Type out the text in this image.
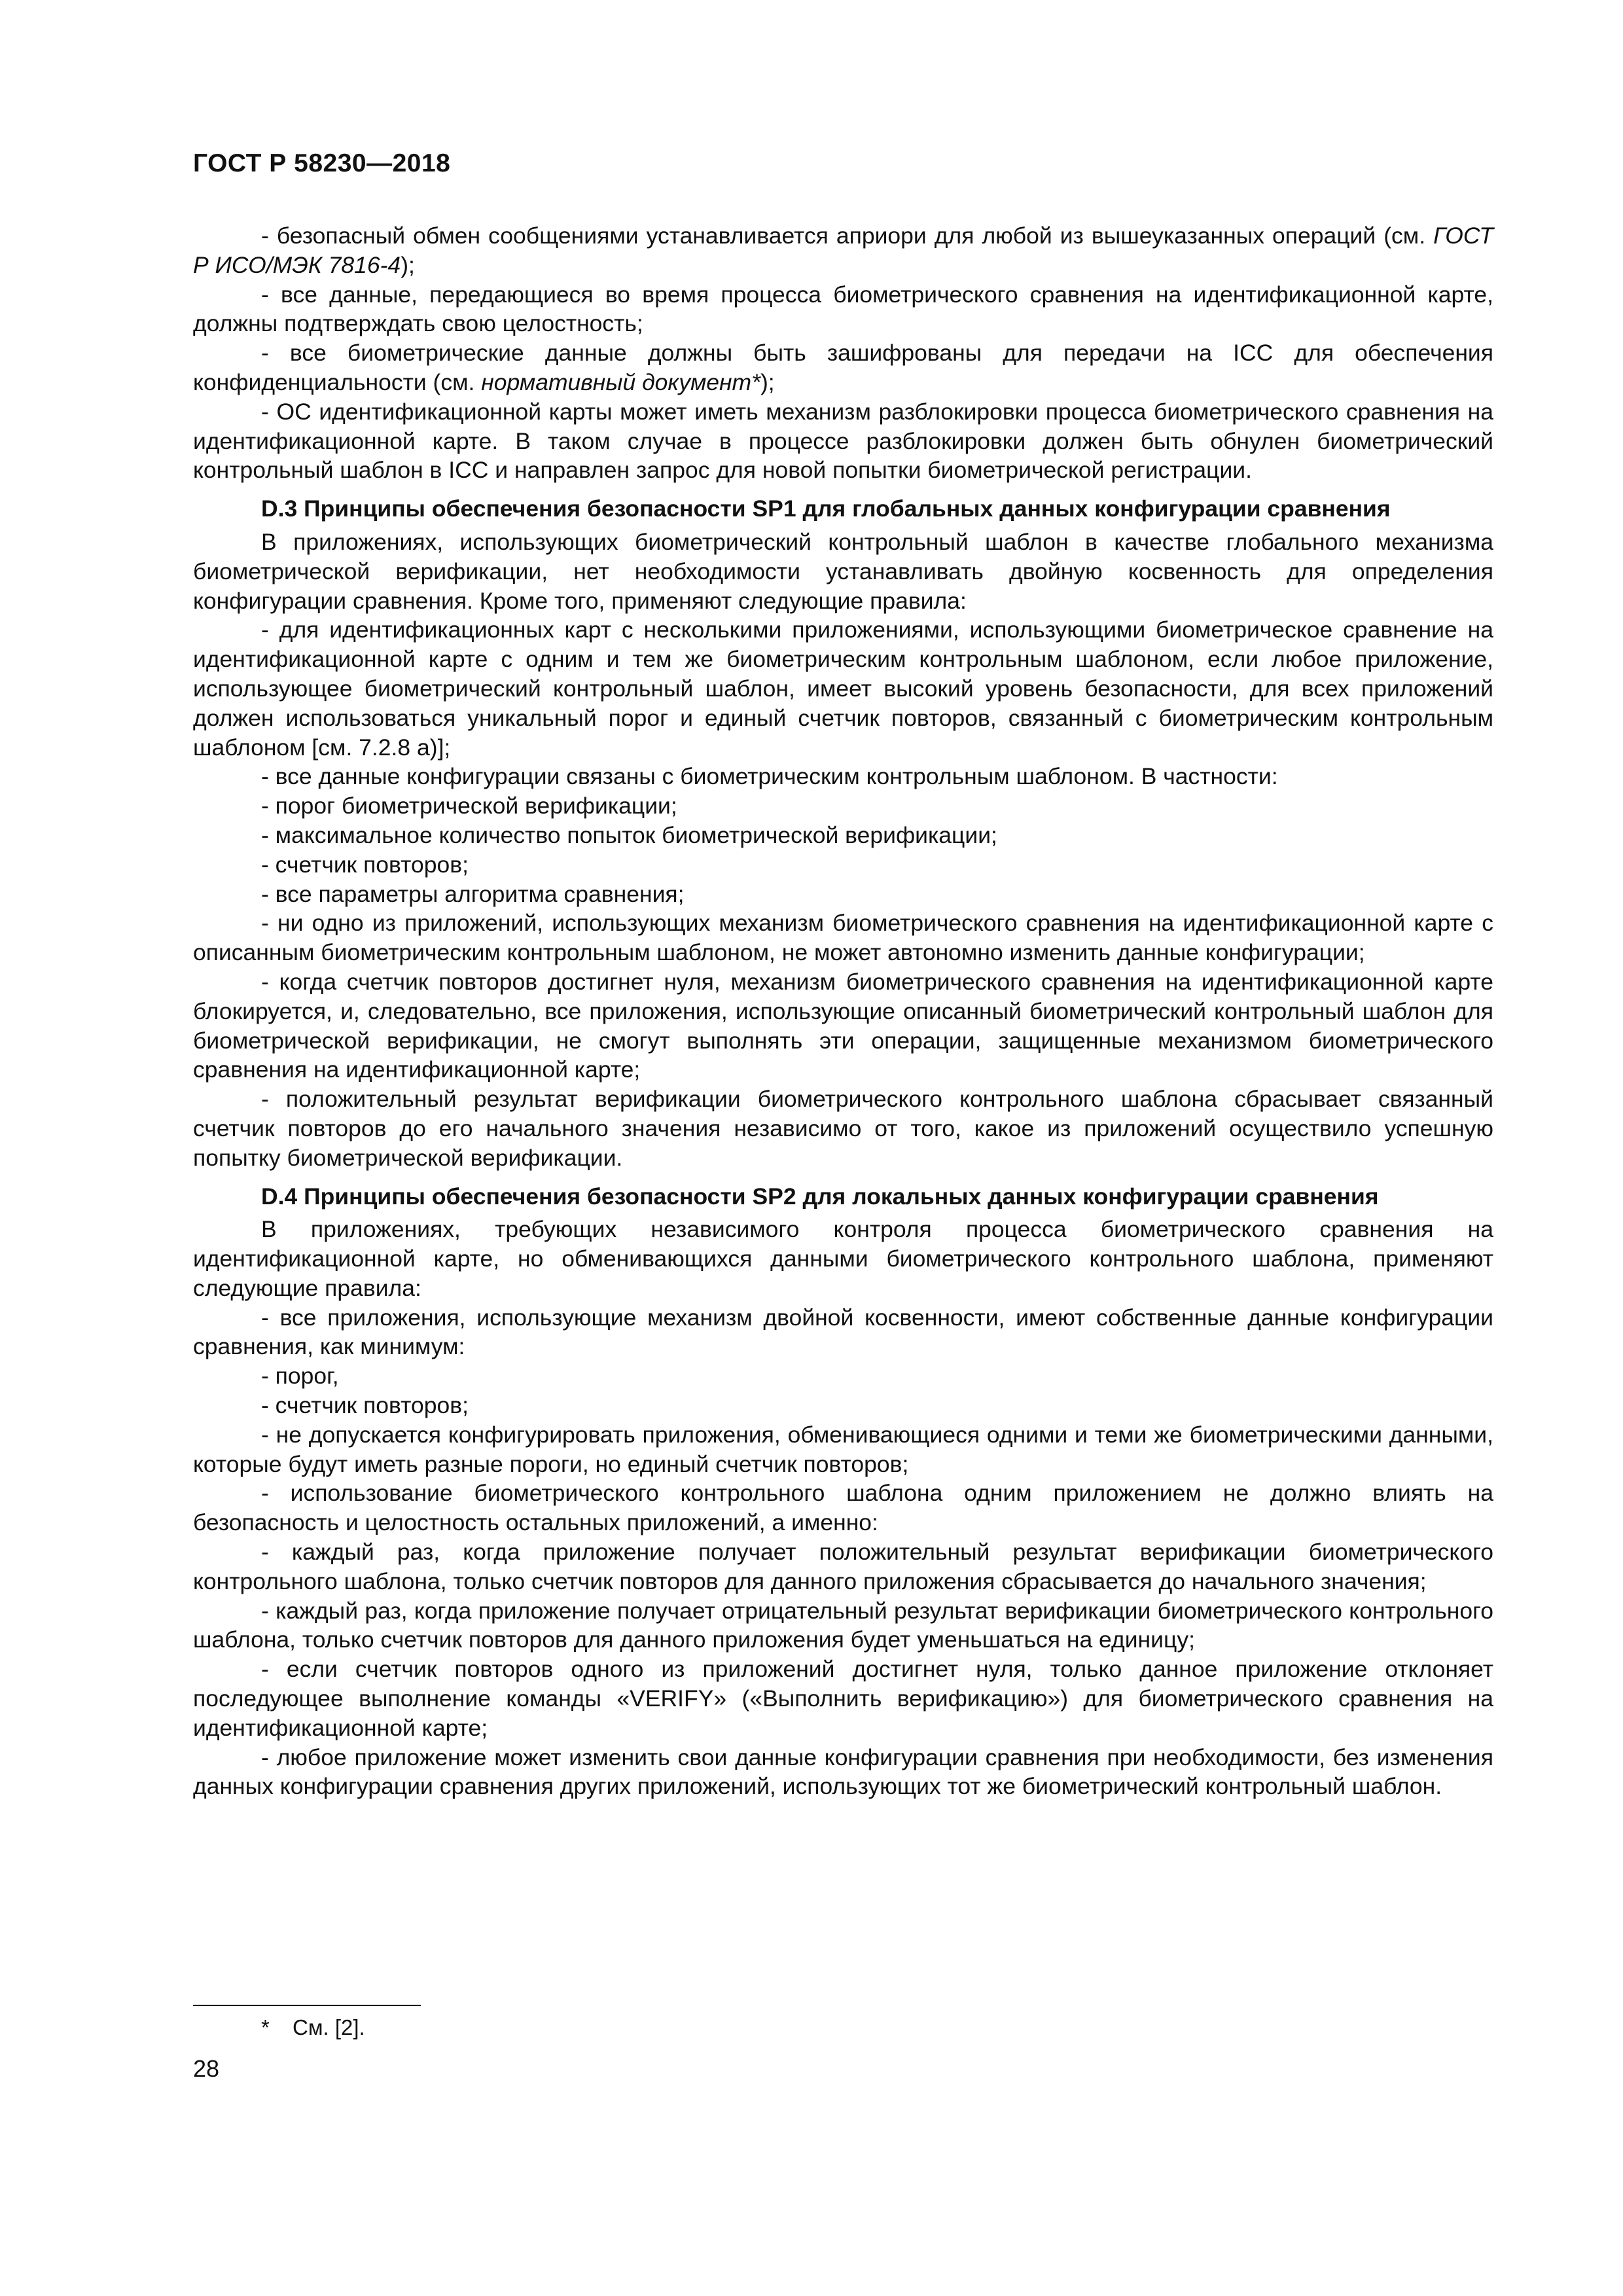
ГОСТ Р 58230—2018

- безопасный обмен сообщениями устанавливается априори для любой из вышеуказанных операций (см. ГОСТ Р ИСО/МЭК 7816-4);

- все данные, передающиеся во время процесса биометрического сравнения на идентификационной карте, должны подтверждать свою целостность;

- все биометрические данные должны быть зашифрованы для передачи на ICC для обеспечения конфиденциальности (см. нормативный документ*);

- ОС идентификационной карты может иметь механизм разблокировки процесса биометрического сравнения на идентификационной карте. В таком случае в процессе разблокировки должен быть обнулен биометрический контрольный шаблон в ICC и направлен запрос для новой попытки биометрической регистрации.

D.3 Принципы обеспечения безопасности SP1 для глобальных данных конфигурации сравнения

В приложениях, использующих биометрический контрольный шаблон в качестве глобального механизма биометрической верификации, нет необходимости устанавливать двойную косвенность для определения конфигурации сравнения. Кроме того, применяют следующие правила:

- для идентификационных карт с несколькими приложениями, использующими биометрическое сравнение на идентификационной карте с одним и тем же биометрическим контрольным шаблоном, если любое приложение, использующее биометрический контрольный шаблон, имеет высокий уровень безопасности, для всех приложений должен использоваться уникальный порог и единый счетчик повторов, связанный с биометрическим контрольным шаблоном [см. 7.2.8 a)];

- все данные конфигурации связаны с биометрическим контрольным шаблоном. В частности:

- порог биометрической верификации;

- максимальное количество попыток биометрической верификации;

- счетчик повторов;

- все параметры алгоритма сравнения;

- ни одно из приложений, использующих механизм биометрического сравнения на идентификационной карте с описанным биометрическим контрольным шаблоном, не может автономно изменить данные конфигурации;

- когда счетчик повторов достигнет нуля, механизм биометрического сравнения на идентификационной карте блокируется, и, следовательно, все приложения, использующие описанный биометрический контрольный шаблон для биометрической верификации, не смогут выполнять эти операции, защищенные механизмом биометрического сравнения на идентификационной карте;

- положительный результат верификации биометрического контрольного шаблона сбрасывает связанный счетчик повторов до его начального значения независимо от того, какое из приложений осуществило успешную попытку биометрической верификации.

D.4 Принципы обеспечения безопасности SP2 для локальных данных конфигурации сравнения

В приложениях, требующих независимого контроля процесса биометрического сравнения на идентификационной карте, но обменивающихся данными биометрического контрольного шаблона, применяют следующие правила:

- все приложения, использующие механизм двойной косвенности, имеют собственные данные конфигурации сравнения, как минимум:

- порог,

- счетчик повторов;

- не допускается конфигурировать приложения, обменивающиеся одними и теми же биометрическими данными, которые будут иметь разные пороги, но единый счетчик повторов;

- использование биометрического контрольного шаблона одним приложением не должно влиять на безопасность и целостность остальных приложений, а именно:

- каждый раз, когда приложение получает положительный результат верификации биометрического контрольного шаблона, только счетчик повторов для данного приложения сбрасывается до начального значения;

- каждый раз, когда приложение получает отрицательный результат верификации биометрического контрольного шаблона, только счетчик повторов для данного приложения будет уменьшаться на единицу;

- если счетчик повторов одного из приложений достигнет нуля, только данное приложение отклоняет последующее выполнение команды «VERIFY» («Выполнить верификацию») для биометрического сравнения на идентификационной карте;

- любое приложение может изменить свои данные конфигурации сравнения при необходимости, без изменения данных конфигурации сравнения других приложений, использующих тот же биометрический контрольный шаблон.

* См. [2].

28
